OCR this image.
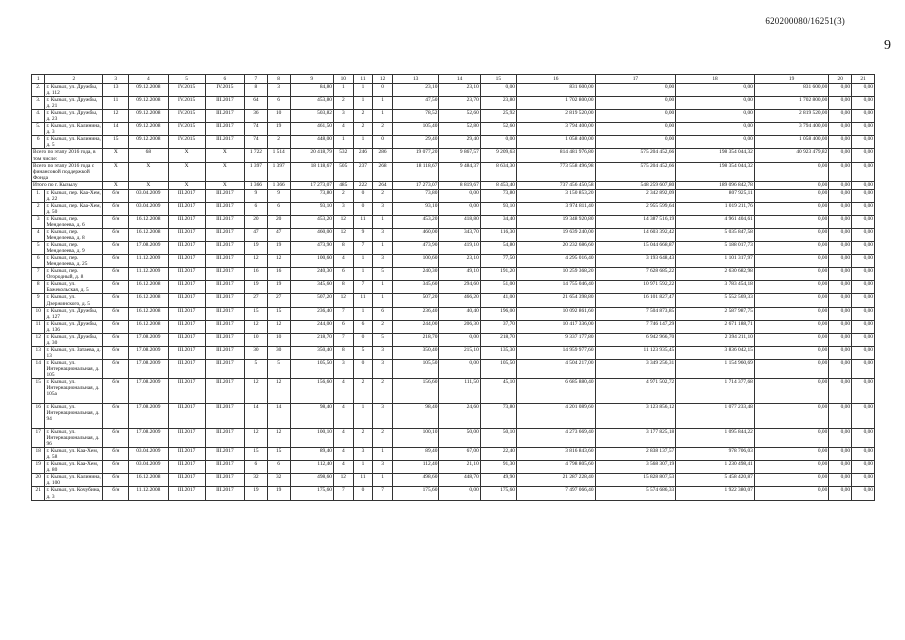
620200080/16251(3)
9
1	2	3	4	5	6	7	8	9	10	11	12	13	14	15	16	17	18	19	20	21
2.	г. Кызыл, ул. Дружбы, д. 112	13	09.12.2008	IV.2015	IV.2015	8	3	84,80	1	1	0	23,10	23,10	0,00	831 600,00	0,00	0,00	831 600,00	0,00	0,00
3.	г. Кызыл, ул. Дружбы, д. 21	11	09.12.2008	IV.2015	III.2017	64	6	453,80	2	1	1	47,50	23,70	23,80	1 702 800,00	0,00	0,00	1 702 800,00	0,00	0,00
4.	г. Кызыл, ул. Дружбы, д. 23	12	09.12.2008	IV.2015	III.2017	36	10	503,82	3	2	1	78,52	52,60	25,92	2 819 520,00	0,00	0,00	2 819 520,00	0,00	0,00
5.	г. Кызыл, ул. Калинина, д. 3	14	09.12.2008	IV.2015	III.2017	74	19	461,50	4	2	2	105,40	52,80	52,60	3 794 400,00	0,00	0,00	3 794 400,00	0,00	0,00
6	г. Кызыл, ул. Калинина, д. 5	15	09.12.2008	IV.2015	III.2017	74	2	448,00	1	1	0	29,40	29,40	0,00	1 058 400,00	0,00	0,00	1 058 400,00	0,00	0,00
Всего по этапу 2016 года, в том числе:		X	68	X	X	1 722	1 514	20 418,79	532	246	286	19 077,20	9 867,57	9 209,63	814 481 976,80	575 204 452,66	198 354 044,32	40 923 479,82	0,00	0,00
Всего по этапу 2016 года с финансовой поддержкой Фонда		X	X	X	X	1 397	1 397	18 118,67	505	237	268	18 118,67	9 484,37	8 634,30	773 558 496,98	575 204 452,66	198 354 044,32	0,00	0,00	0,00
Итого по г. Кызылу		X	X	X	X	1 366	1 366	17 273,07	485	222	264	17 273,07	8 819,67	8 453,40	737 456 450,58	548 259 607,80	189 096 842,78	0,00	0,00	0,00
1.	г. Кызыл, пер. Каа-Хем, д. 22	б/н	03.04.2009	III.2017	III.2017	9	9	73,80	2	0	2	73,80	0,00	73,80	3 150 853,20	2 342 892,09	807 925,11	0,00	0,00	0,00
2	г. Кызыл, пер. Каа-Хем, д. 50	б/н	03.04.2009	III.2017	III.2017	6	6	93,10	3	0	3	93,10	0,00	93,10	3 974 811,40	2 955 599,64	1 019 211,76	0,00	0,00	0,00
3	г. Кызыл, пер. Менделеева, д. 6	б/н	16.12.2008	III.2017	III.2017	20	20	453,20	12	11	1	453,20	418,80	34,40	19 348 920,80	14 387 516,19	4 961 404,61	0,00	0,00	0,00
4	г. Кызыл, пер. Менделеева, д. 8	б/н	16.12.2008	III.2017	III.2017	47	47	460,00	12	9	3	460,00	343,70	116,30	19 639 240,00	14 603 392,42	5 035 847,58	0,00	0,00	0,00
5	г. Кызыл, пер. Менделеева, д. 9	б/н	17.08.2009	III.2017	III.2017	19	19	473,90	8	7	1	473,90	419,10	54,80	20 232 686,60	15 044 668,87	5 188 017,73	0,00	0,00	0,00
6	г. Кызыл, пер. Менделеева, д. 25	б/н	11.12.2009	III.2017	III.2017	12	12	100,60	4	1	3	100,60	23,10	77,50	4 295 016,40	3 193 648,43	1 101 317,97	0,00	0,00	0,00
7	г. Кызыл, пер. Огородный, д. 8	б/н	11.12.2009	III.2017	III.2017	16	16	240,30	6	1	5	240,30	49,10	191,20	10 259 368,20	7 628 685,22	2 630 682,98	0,00	0,00	0,00
8	г. Кызыл, ул. Бажекольская, д. 5	б/н	16.12.2008	III.2017	III.2017	19	19	345,60	8	7	1	345,60	294,60	51,00	14 755 046,40	10 971 592,22	3 783 454,18	0,00	0,00	0,00
9	г. Кызыл, ул. Дзержинского, д. 5	б/н	16.12.2008	III.2017	III.2017	27	27	507,20	12	11	1	507,20	466,20	41,00	21 654 398,80	16 101 827,47	5 552 569,33	0,00	0,00	0,00
10	г. Кызыл, ул. Дружбы, д. 127	б/н	16.12.2008	III.2017	III.2017	15	15	236,40	7	1	6	236,40	40,40	196,00	10 092 861,60	7 504 873,85	2 587 987,75	0,00	0,00	0,00
11	г. Кызыл, ул. Дружбы, д. 136	б/н	16.12.2008	III.2017	III.2017	12	12	244,00	6	6	2	244,00	206,30	37,70	10 417 336,00	7 746 147,29	2 671 188,71	0,00	0,00	0,00
12	г. Кызыл, ул. Дружбы, д. 30	б/н	17.08.2009	III.2017	III.2017	10	10	218,70	7	0	5	218,70	0,00	218,70	9 337 177,80	6 942 966,70	2 394 211,10	0,00	0,00	0,00
13	г. Кызыл, ул. Затаева, д. 13	б/н	17.08.2009	III.2017	III.2017	30	30	350,40	8	5	3	350,40	215,10	135,30	14 959 977,60	11 123 935,45	3 836 042,15	0,00	0,00	0,00
14	г. Кызыл, ул. Интернациональная, д. 105	б/н	17.08.2009	III.2017	III.2017	5	5	105,50	3	0	3	105,50	0,00	105,50	4 504 217,00	3 349 256,31	1 154 960,69	0,00	0,00	0,00
15	г. Кызыл, ул. Интернациональная, д. 105а	б/н	17.08.2009	III.2017	III.2017	12	12	156,60	4	2	2	156,60	111,50	45,10	6 685 880,40	4 971 502,72	1 714 377,68	0,00	0,00	0,00
16	г. Кызыл, ул. Интернациональная, д. 94	б/н	17.08.2009	III.2017	III.2017	14	14	98,40	4	1	3	98,40	24,60	73,80	4 201 089,60	3 123 856,12	1 077 233,48	0,00	0,00	0,00
17	г. Кызыл, ул. Интернациональная, д. 96	б/н	17.08.2009	III.2017	III.2017	12	12	100,10	4	2	2	100,10	50,00	50,10	4 273 669,40	3 177 825,18	1 095 844,22	0,00	0,00	0,00
18	г. Кызыл, ул. Каа-Хем, д. 58	б/н	03.04.2009	III.2017	III.2017	15	15	89,40	4	3	1	89,40	67,00	22,40	3 816 843,60	2 838 137,57	978 706,03	0,00	0,00	0,00
19	г. Кызыл, ул. Каа-Хем, д. 80	б/н	03.04.2009	III.2017	III.2017	6	6	112,40	4	1	3	112,40	21,10	91,30	4 798 805,60	3 568 307,19	1 230 498,41	0,00	0,00	0,00
20	г. Кызыл, ул. Калинина, д. 100	б/н	16.12.2008	III.2017	III.2017	32	32	498,60	12	11	1	498,60	448,70	49,90	21 287 228,40	15 828 807,53	5 458 420,87	0,00	0,00	0,00
21	г. Кызыл, ул. Кочубина, д. 3	б/н	11.12.2008	III.2017	III.2017	19	19	175,60	7	0	7	175,60	0,00	175,60	7 497 066,40	5 574 686,33	1 922 380,07	0,00	0,00	0,00
